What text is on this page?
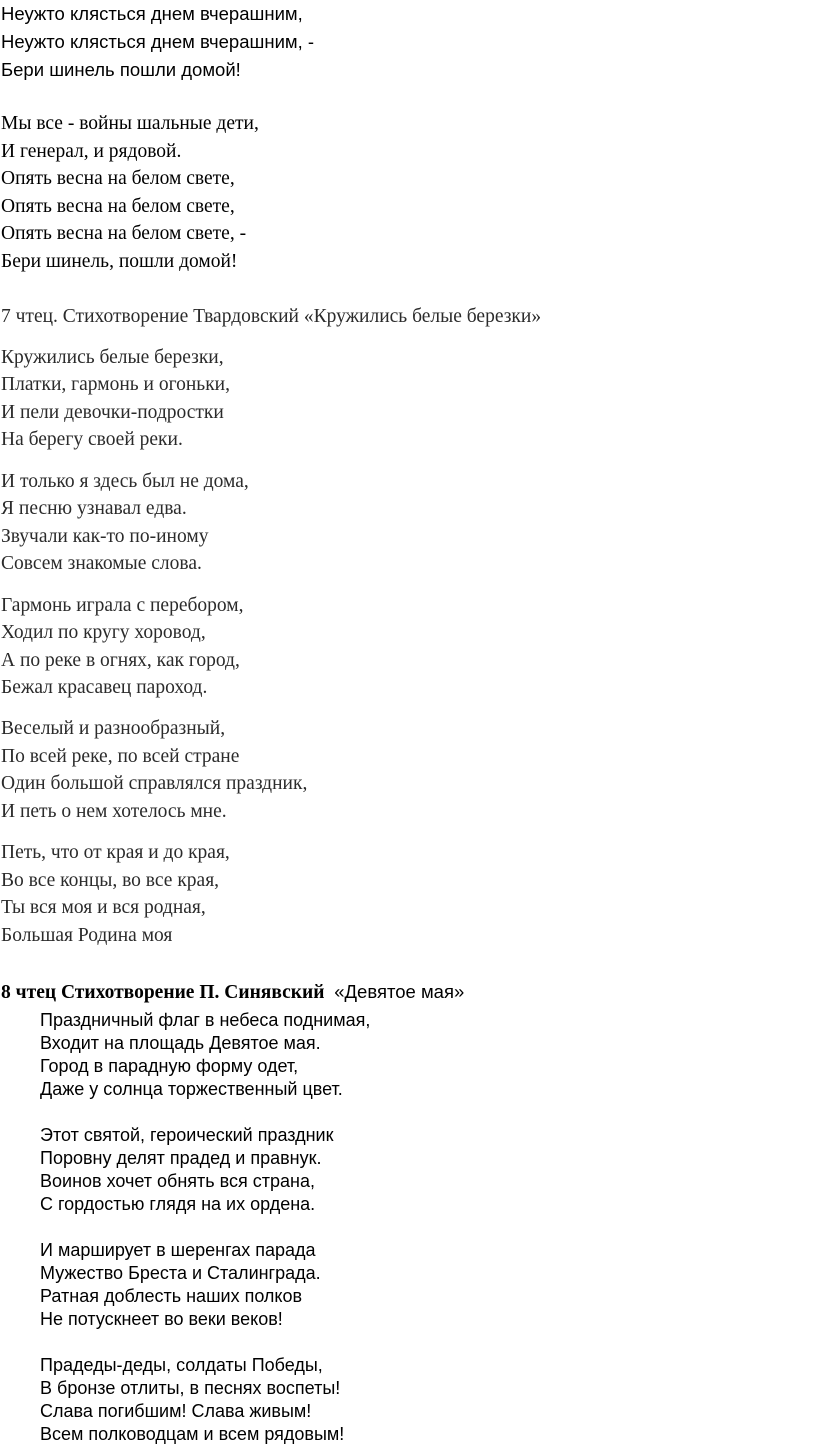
Неужто клясться днем вчерашним,

Неужто клясться днем вчерашним, -

Бери шинель пошли домой!

Мы все - войны шальные дети,

И генерал, и рядовой.

Опять весна на белом свете,

Опять весна на белом свете,

Опять весна на белом свете, -

Бери шинель, пошли домой!

7 чтец. Стихотворение Твардовский «Кружились белые березки»

Кружились белые березки,

Платки, гармонь и огоньки,

И пели девочки-подростки

На берегу своей реки.

И только я здесь был не дома,

Я песню узнавал едва.

Звучали как-то по-иному

Совсем знакомые слова.

Гармонь играла с перебором,

Ходил по кругу хоровод,

А по реке в огнях, как город,

Бежал красавец пароход.

Веселый и разнообразный,

По всей реке, по всей стране

Один большой справлялся праздник,

И петь о нем хотелось мне.

Петь, что от края и до края,

Во все концы, во все края,

Ты вся моя и вся родная,

Большая Родина моя

8 чтец Стихотворение П. Синявский «Девятое мая»

Праздничный флаг в небеса поднимая,

Входит на площадь Девятое мая.

Город в парадную форму одет,

Даже у солнца торжественный цвет.

Этот святой, героический праздник

Поровну делят прадед и правнук.

Воинов хочет обнять вся страна,

С гордостью глядя на их ордена.

И марширует в шеренгах парада

Мужество Бреста и Сталинграда.

Ратная доблесть наших полков

Не потускнеет во веки веков!

Прадеды-деды, солдаты Победы,

В бронзе отлиты, в песнях воспеты!

Слава погибшим! Слава живым!

Всем полководцам и всем рядовым!
